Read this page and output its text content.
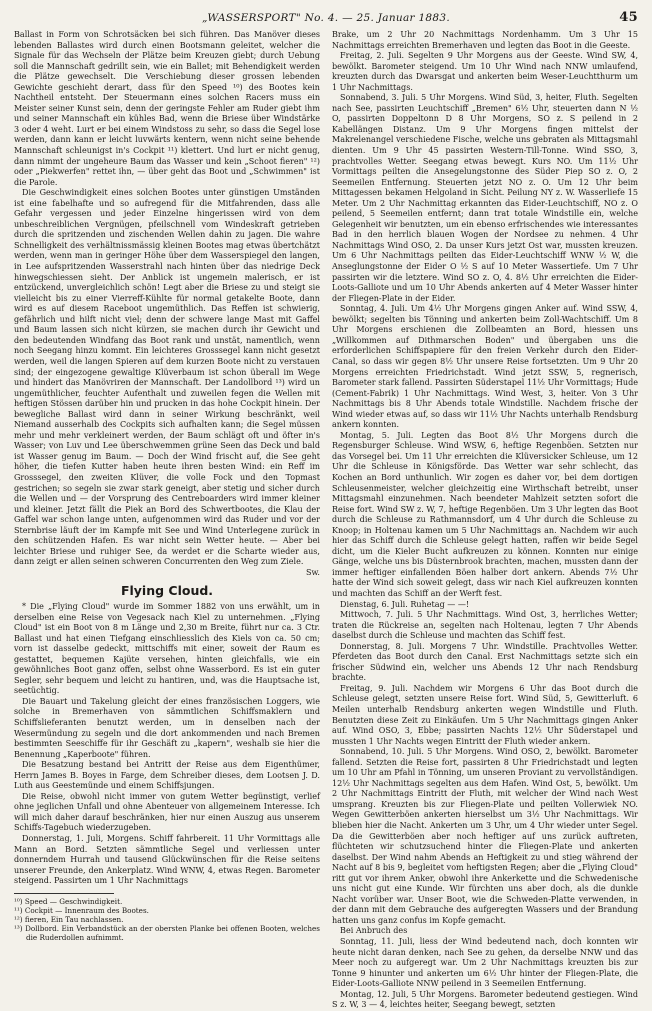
„WASSERSPORT" No. 4. — 25. Januar 1883.	45

Ballast in Form von Schrotsäcken bei sich führen. Das Manöver dieses lebenden Ballastes wird durch einen Bootsmann geleitet, welcher die Signale für das Wechseln der Plätze beim Kreuzen giebt; durch Uebung soll die Mannschaft gedrillt sein, wie ein Ballet; mit Behendigkeit werden die Plätze gewechselt. Die Verschiebung dieser grossen lebenden Gewichte geschieht derart, dass für den Speed ¹⁰) des Bootes kein Nachtheil entsteht. Der Steuermann eines solchen Racers muss ein Meister seiner Kunst sein, denn der geringste Fehler am Ruder giebt ihm und seiner Mannschaft ein kühles Bad, wenn die Briese über Windstärke 3 oder 4 weht. Lurt er bei einem Windstoss zu sehr, so dass die Segel lose werden, dann kann er leicht luvwärts kentern, wenn nicht seine behende Mannschaft schleunigst in's Cockpit ¹¹) klettert. Und lurt er nicht genug, dann nimmt der ungeheure Baum das Wasser und kein „Schoot fieren" ¹²) oder „Piekwerfen" rettet ihn, — über geht das Boot und „Schwimmen" ist die Parole.

Die Geschwindigkeit eines solchen Bootes unter günstigen Umständen ist eine fabelhafte und so aufregend für die Mitfahrenden, dass alle Gefahr vergessen und jeder Einzelne hingerissen wird von dem unbeschreiblichen Vergnügen, pfeilschnell vom Windeskraft getrieben durch die spritzenden und zischenden Wellen dahin zu jagen. Die wahre Schnelligkeit des verhältnissmässig kleinen Bootes mag etwas übertchätzt werden, wenn man in geringer Höhe über dem Wasserspiegel den langen, in Lee aufspritzenden Wasserstrahl nach hinten über das niedrige Deck hinwegschiessen sieht. Der Anblick ist ungemein malerisch, er ist entzückend, unvergleichlich schön! Legt aber die Briese zu und steigt sie vielleicht bis zu einer Vierreff-Kühlte für normal getakelte Boote, dann wird es auf diesem Raceboot ungemüthlich. Das Reffen ist schwierig, gefährlich und hilft nicht viel; denn der schwere lange Mast mit Gaffel und Baum lassen sich nicht kürzen, sie machen durch ihr Gewicht und den bedeutenden Windfang das Boot rank und unstät, namentlich, wenn noch Seegang hinzu kommt. Ein leichteres Grosssegel kann nicht gesetzt werden, weil die langen Spieren auf dem kurzen Boote nicht zu verstauen sind; der eingezogene gewaltige Klüverbaum ist schon überall im Wege und hindert das Manövriren der Mannschaft. Der Landollbord ¹³) wird un ungemüthlicher, feuchter Aufenthalt und zuweilen fegen die Wellen mit heftigen Stössen darüber hin und prucken in das hohe Cockpit hinein. Der bewegliche Ballast wird dann in seiner Wirkung beschränkt, weil Niemand ausserhalb des Cockpits sich aufhalten kann; die Segel müssen mehr und mehr verkleinert werden, der Baum schlägt oft und öfter in's Wasser; von Luv und Lee überschwemmen grüne Seen das Deck und bald ist Wasser genug im Baum. — Doch der Wind frischt auf, die See geht höher, die tiefen Kutter haben heute ihren besten Wind: ein Reff im Grosssegel, den zweiten Klüver, die volle Fock und den Topmast gestrichen; so segeln sie zwar stark geneigt, aber stetig und sicher durch die Wellen und — der Vorsprung des Centreboarders wird immer kleiner und kleiner. Jetzt fällt die Piek an Bord des Schwertbootes, die Klau der Gaffel war schon lange unten, aufgenommen wird das Ruder und vor der Sternbrise läuft der im Kampfe mit See und Wind Unterlegene zurück in den schützenden Hafen. Es war nicht sein Wetter heute. — Aber bei leichter Briese und ruhiger See, da werdet er die Scharte wieder aus, dann zeigt er allen seinen schweren Concurrenten den Weg zum Ziele.

Sw.
Flying Cloud.

* Die „Flying Cloud" wurde im Sommer 1882 von uns erwählt, um in derselben eine Reise von Vegesack nach Kiel zu unternehmen. „Flying Cloud" ist ein Boot von 8 m Länge und 2,30 m Breite, führt nur ca. 3 Ctr. Ballast und hat einen Tiefgang einschliesslich des Kiels von ca. 50 cm; vorn ist dasselbe gedeckt, mittschiffs mit einer, soweit der Raum es gestattet, bequemen Kajüte versehen, hinten gleichfalls, wie ein gewöhnliches Boot ganz offen, selbst ohne Wasserbord. Es ist ein guter Segler, sehr bequem und leicht zu hantiren, und, was die Hauptsache ist, seetüchtig.

Die Bauart und Takelung gleicht der eines französischen Loggers, wie solche in Bremerhaven von sämmtlichen Schiffsmaklern und Schiffslieferanten benutzt werden, um in denselben nach der Wesermündung zu segeln und die dort ankommenden und nach Bremen bestimmten Seeschiffe für ihr Geschäft zu „kapern", weshalb sie hier die Benennung „Kaperboote" führen.

Die Besatzung bestand bei Antritt der Reise aus dem Eigenthümer, Herrn James B. Boyes in Farge, dem Schreiber dieses, dem Lootsen J. D. Luth aus Geestemünde und einem Schiffsjungen.

Die Reise, obwohl nicht immer von gutem Wetter begünstigt, verlief ohne jeglichen Unfall und ohne Abenteuer von allgemeinem Interesse. Ich will mich daher darauf beschränken, hier nur einen Auszug aus unserem Schiffs-Tagebuch wiederzugeben.

Donnerstag, 1. Juli, Morgens. Schiff fahrbereit. 11 Uhr Vormittags alle Mann an Bord. Setzten sämmtliche Segel und verliessen unter donnerndem Hurrah und tausend Glückwünschen für die Reise seitens unserer Freunde, den Ankerplatz. Wind WNW, 4, etwas Regen. Barometer steigend. Passirten um 1 Uhr Nachmittags

¹⁰) Speed — Geschwindigkeit.
¹¹) Cockpit — Innenraum des Bootes.
¹²) fieren, Ein Tau nachlassen.
¹³) Dollbord. Ein Verbandstück an der obersten Planke bei offenen Booten, welches die Ruderdollen aufnimmt.

Brake, um 2 Uhr 20 Nachmittags Nordenhamm. Um 3 Uhr 15 Nachmittags erreichten Bremerhaven und legten das Boot in die Geeste.

Freitag, 2. Juli. Segelten 9 Uhr Morgens aus der Geeste. Wind SW, 4, bewölkt. Barometer steigend. Um 10 Uhr Wind nach NNW umlaufend, kreuzten durch das Dwarsgat und ankerten beim Weser-Leuchtthurm um 1 Uhr Nachmittags.

Sonnabend, 3. Juli. 5 Uhr Morgens. Wind Süd, 3, heiter, Fluth. Segelten nach See, passirten Leuchtschiff „Bremen" 6½ Uhr, steuerten dann N ½ O, passirten Doppeltonn D 8 Uhr Morgens, SO z. S peilend in 2 Kabellängen Distanz. Um 9 Uhr Morgens fingen mittelst der Makrelenangel verschiedene Fische, welche uns gebraten als Mittagsmahl dienten. Um 9 Uhr 45 passirten Western-Till-Tonne. Wind SSO, 3, prachtvolles Wetter. Seegang etwas bewegt. Kurs NO. Um 11½ Uhr Vormittags peilten die Ansegelungstonne des Süder Piep SO z. O, 2 Seemeilen Entfernung. Steuerten jetzt NO z. O. Um 12 Uhr beim Mittagessen bekamen Helgoland in Sicht. Peilung NY z. W. Wasserliefe 15 Meter. Um 2 Uhr Nachmittag erkannten das Eider-Leuchtschiff, NO z. O peilend, 5 Seemeilen entfernt; dann trat totale Windstille ein, welche Gelegenheit wir benutzten, um ein ebenso erfrischendes wie interessantes Bad in den herrlich blauen Wogen der Nordsee zu nehmen. 4 Uhr Nachmittags Wind OSO, 2. Da unser Kurs jetzt Ost war, mussten kreuzen. Um 6 Uhr Nachmittags peilten das Eider-Leuchtschiff WNW ½ W, die Anseglungstonne der Eider O ½ S auf 10 Meter Wassertiefe. Um 7 Uhr passirten wir die letztere. Wind SO z. O, 4. 8½ Uhr erreichten die Eider-Loots-Galliote und um 10 Uhr Abends ankerten auf 4 Meter Wasser hinter der Fliegen-Plate in der Eider.

Sonntag, 4. Juli. Um 4½ Uhr Morgens gingen Anker auf. Wind SSW, 4, bewölkt; segelten bis Tönning und ankerten beim Zoll-Wachtschiff. Um 8 Uhr Morgens erschienen die Zollbeamten an Bord, hiessen uns „Willkommen auf Dithmarschen Boden" und übergaben uns die erforderlichen Schiffspapiere für den freien Verkehr durch den Eider-Canal, so dass wir gegen 8½ Uhr unsere Reise fortsetzten. Um 9 Uhr 20 Morgens erreichten Friedrichstadt. Wind jetzt SSW, 5, regnerisch, Barometer stark fallend. Passirten Süderstapel 11½ Uhr Vormittags; Hude (Cement-Fabrik) 1 Uhr Nachmittags. Wind West, 3, heiter. Von 3 Uhr Nachmittags bis 8 Uhr Abends totale Windstille. Nachdem frische der Wind wieder etwas auf, so dass wir 11½ Uhr Nachts unterhalb Rendsburg ankern konnten.

Montag, 5. Juli. Legten das Boot 8½ Uhr Morgens durch die Regensburger Schleuse. Wind WSW, 6, heftige Regenböen. Setzten nur das Vorsegel bei. Um 11 Uhr erreichten die Klüversicker Schleuse, um 12 Uhr die Schleuse in Königsförde. Das Wetter war sehr schlecht, das Kochen an Bord unthunlich. Wir zogen es daher vor, bei dem dortigen Schleusenmeister, welcher gleichzeitig eine Wirthschaft betreibt, unser Mittagsmahl einzunehmen. Nach beendeter Mahlzeit setzten sofort die Reise fort. Wind SW z. W, 7, heftige Regenböen. Um 3 Uhr legten das Boot durch die Schleuse zu Rathmannsdorf, um 4 Uhr durch die Schleuse zu Knoop; in Holtenau kamen um 5 Uhr Nachmittags an. Nachdem wir auch hier das Schiff durch die Schleuse gelegt hatten, raffen wir beide Segel dicht, um die Kieler Bucht aufkreuzen zu können. Konnten nur einige Gänge, welche uns bis Düsternbrook brachten, machen, mussten dann der immer heftiger einfallenden Böen halber dort ankern. Abends 7½ Uhr hatte der Wind sich soweit gelegt, dass wir nach Kiel aufkreuzen konnten und machten das Schiff an der Werft fest.

Dienstag, 6. Juli. Ruhetag — —!

Mittwoch, 7. Juli. 5 Uhr Nachmittags. Wind Ost, 3, herrliches Wetter; traten die Rückreise an, segelten nach Holtenau, legten 7 Uhr Abends daselbst durch die Schleuse und machten das Schiff fest.

Donnerstag, 8. Juli. Morgens 7 Uhr. Windstille. Prachtvolles Wetter. Pferdeten das Boot durch den Canal. Erst Nachmittags setzte sich ein frischer Südwind ein, welcher uns Abends 12 Uhr nach Rendsburg brachte.

Freitag, 9. Juli. Nachdem wir Morgens 6 Uhr das Boot durch die Schleuse gelegt, setzten unsere Reise fort. Wind Süd, 5, Gewitterluft. 6 Meilen unterhalb Rendsburg ankerten wegen Windstille und Fluth. Benutzten diese Zeit zu Einkäufen. Um 5 Uhr Nachmittags gingen Anker auf. Wind OSO, 3, Ebbe; passirten Nachts 12½ Uhr Süderstapel und mussten 1 Uhr Nachts wegen Eintritt der Fluth wieder ankern.

Sonnabend, 10. Juli. 5 Uhr Morgens. Wind OSO, 2, bewölkt. Barometer fallend. Setzten die Reise fort, passirten 8 Uhr Friedrichstadt und legten um 10 Uhr am Pfahl in Tönning, um unseren Proviant zu vervollständigen. 12½ Uhr Nachmittags segelten aus dem Hafen. Wind Ost, 5, bewölkt. Um 2 Uhr Nachmittags Eintritt der Fluth, mit welcher der Wind nach West umsprang. Kreuzten bis zur Fliegen-Plate und peilten Vollerwiek NO. Wegen Gewitterböen ankerten hierselbst um 3½ Uhr Nachmittags. Wir blieben hier die Nacht. Ankerten um 3 Uhr, um 4 Uhr wieder unter Segel. Da die Gewitterböen aber noch heftiger auf uns zurück auftreten, flüchteten wir schutzsuchend hinter die Fliegen-Plate und ankerten daselbst. Der Wind nahm Abends an Heftigkeit zu und stieg während der Nacht auf 8 bis 9, begleitet vom heftigsten Regen; aber die „Flying Cloud" ritt gut vor ihrem Anker, obwohl ihre Ankerkette und die Schwedenische uns nicht gut eine Kunde. Wir fürchten uns aber doch, als die dunkle Nacht vorüber war. Unser Boot, wie die Schweden-Platte verwenden, in der dann mit dem Gebrauche des aufgeregten Wassers und der Brandung hatten uns ganz confus im Kopfe gemacht.

Bei Anbruch des

Sonntag, 11. Juli, liess der Wind bedeutend nach, doch konnten wir heute nicht daran denken, nach See zu gehen, da derselbe NNW und das Meer noch zu aufgeregt war. Um 2 Uhr Nachmittags kreuzten bis zur Tonne 9 hinunter und ankerten um 6½ Uhr hinter der Fliegen-Plate, die Eider-Loots-Galliote NNW peilend in 3 Seemeilen Entfernung.

Montag, 12. Juli, 5 Uhr Morgens. Barometer bedeutend gestiegen. Wind S z. W, 3 — 4, leichtes heiter, Seegang bewegt, setzten
